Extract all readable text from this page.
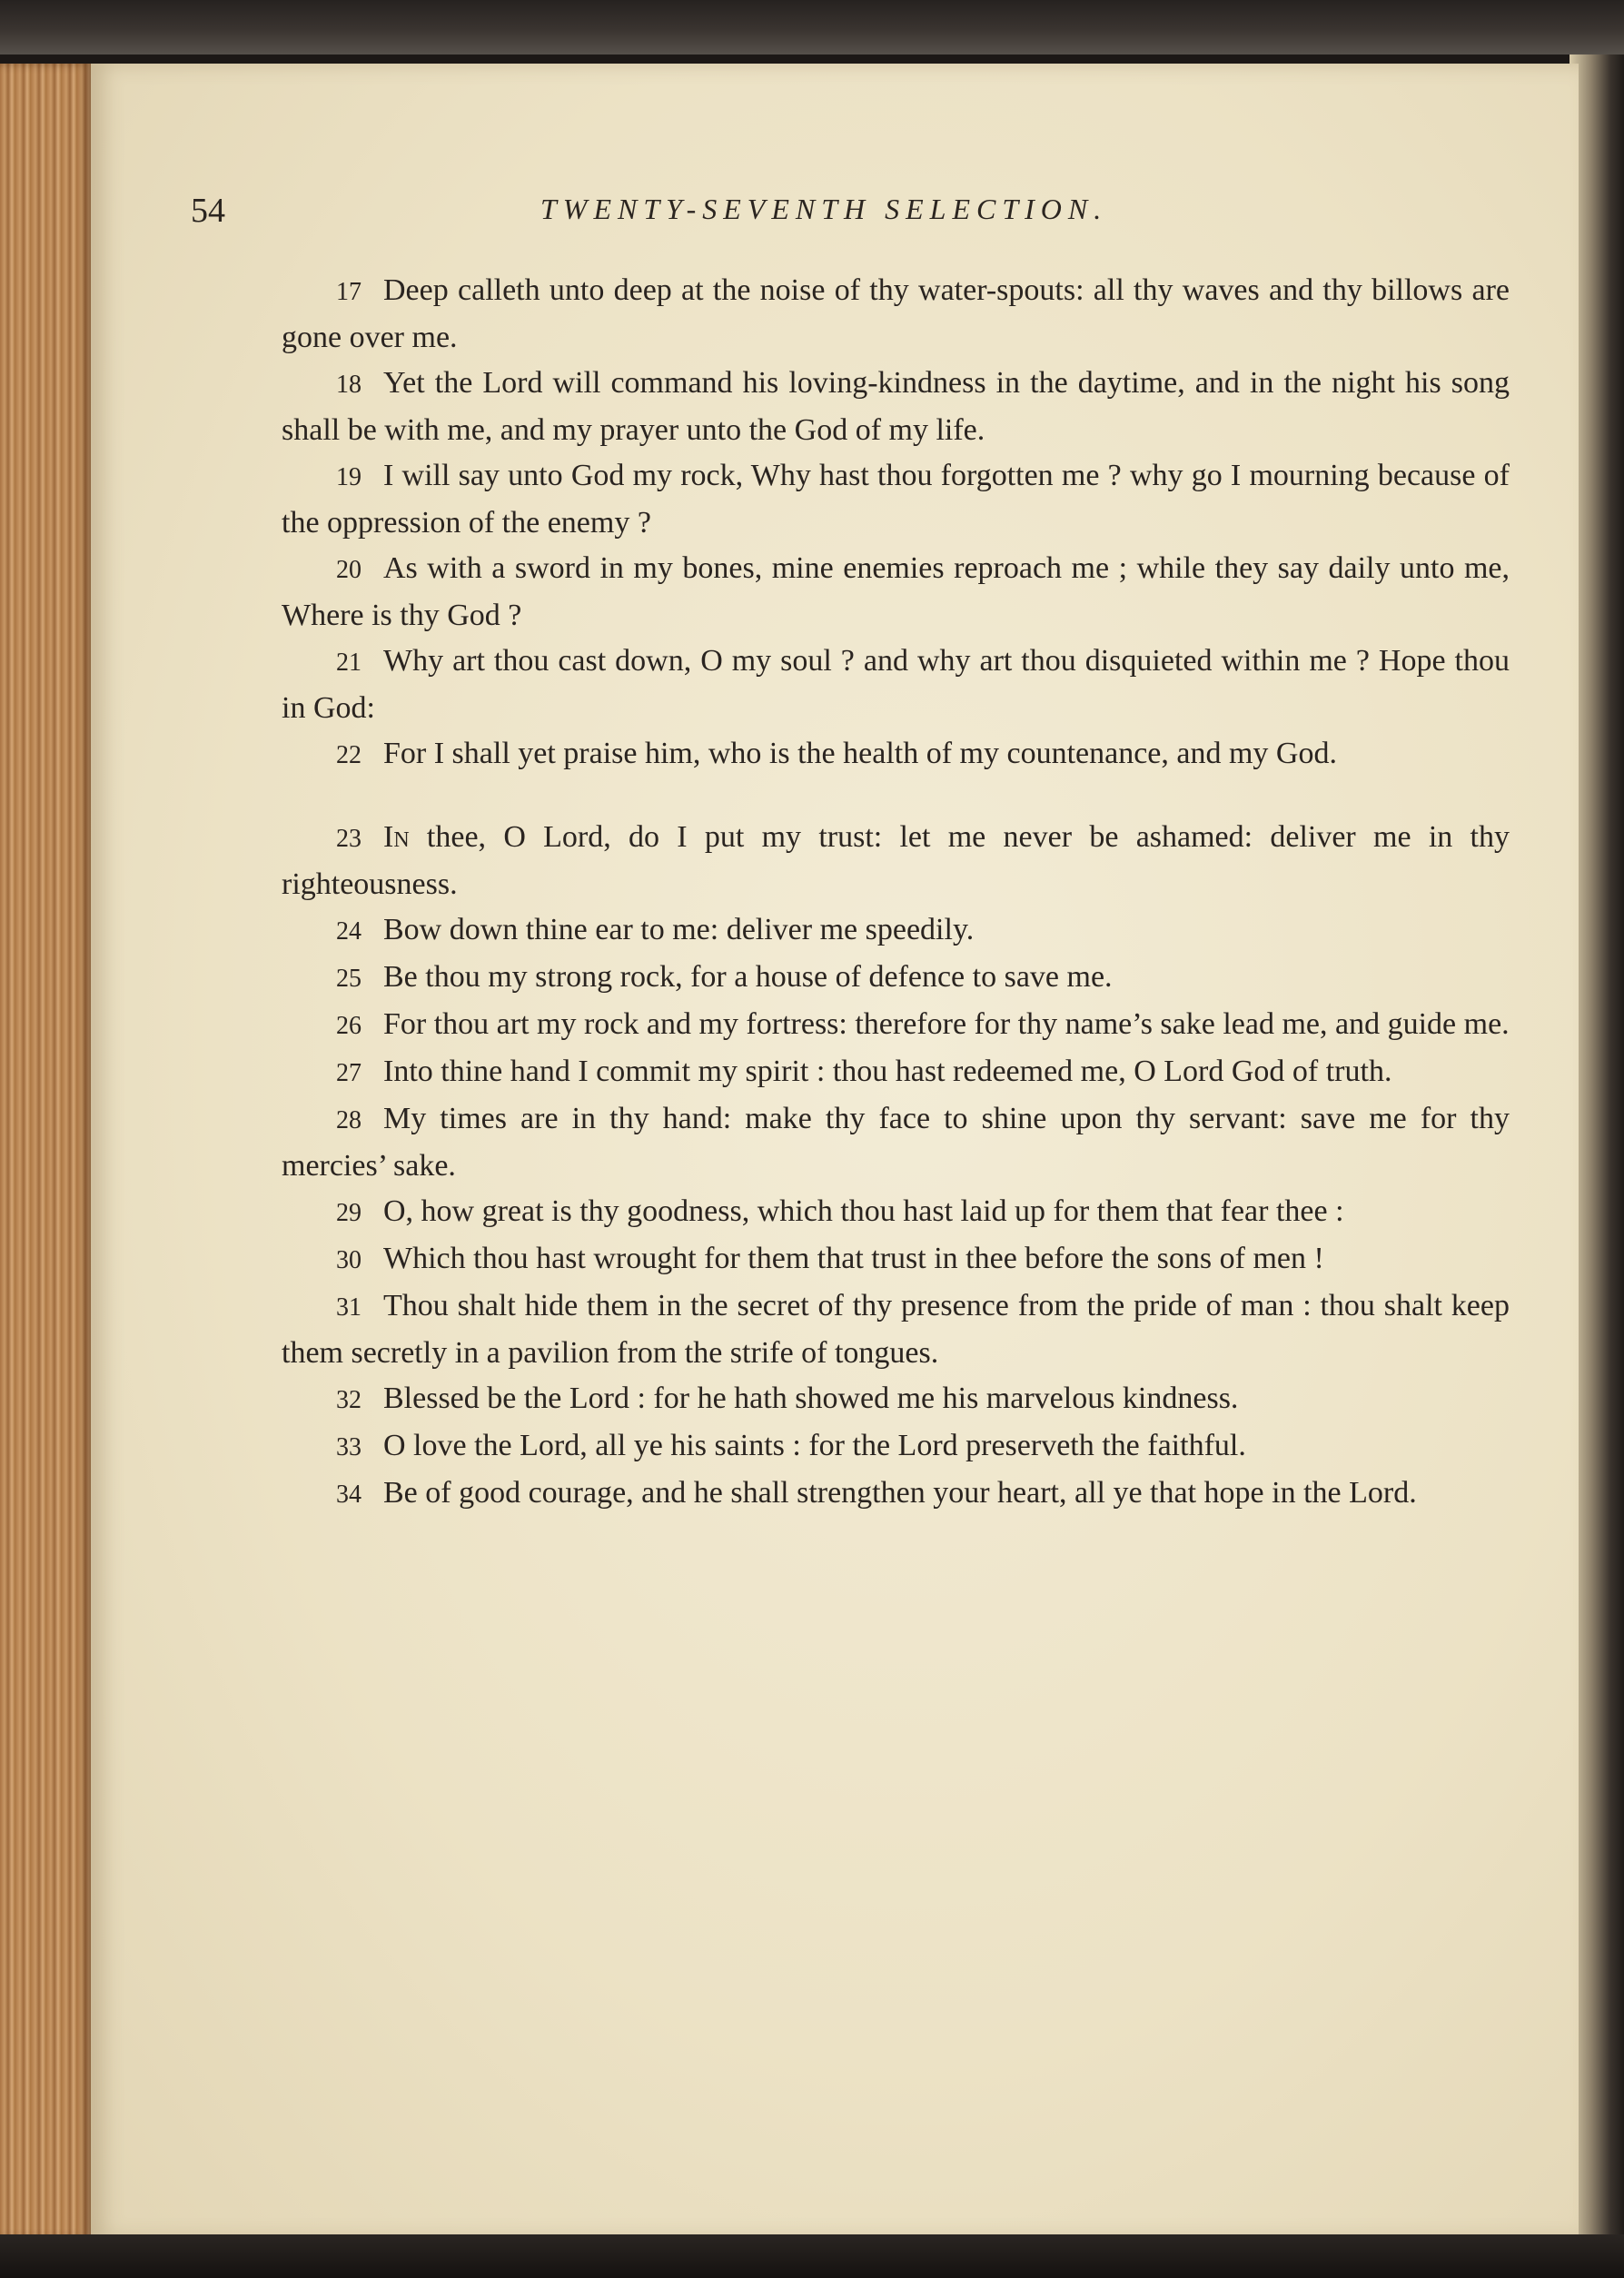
54	TWENTY-SEVENTH SELECTION.

17 Deep calleth unto deep at the noise of thy water-spouts: all thy waves and thy billows are gone over me.

18 Yet the Lord will command his loving-kindness in the daytime, and in the night his song shall be with me, and my prayer unto the God of my life.

19 I will say unto God my rock, Why hast thou forgotten me ? why go I mourning because of the oppression of the enemy ?

20 As with a sword in my bones, mine enemies reproach me ; while they say daily unto me, Where is thy God ?

21 Why art thou cast down, O my soul ? and why art thou disquieted within me ? Hope thou in God:

22 For I shall yet praise him, who is the health of my countenance, and my God.

23 In thee, O Lord, do I put my trust: let me never be ashamed: deliver me in thy righteousness.

24 Bow down thine ear to me: deliver me speedily.

25 Be thou my strong rock, for a house of defence to save me.

26 For thou art my rock and my fortress: therefore for thy name’s sake lead me, and guide me.

27 Into thine hand I commit my spirit : thou hast redeemed me, O Lord God of truth.

28 My times are in thy hand: make thy face to shine upon thy servant: save me for thy mercies’ sake.

29 O, how great is thy goodness, which thou hast laid up for them that fear thee :

30 Which thou hast wrought for them that trust in thee before the sons of men !

31 Thou shalt hide them in the secret of thy presence from the pride of man : thou shalt keep them secretly in a pavilion from the strife of tongues.

32 Blessed be the Lord : for he hath showed me his marvelous kindness.

33 O love the Lord, all ye his saints : for the Lord preserveth the faithful.

34 Be of good courage, and he shall strengthen your heart, all ye that hope in the Lord.
